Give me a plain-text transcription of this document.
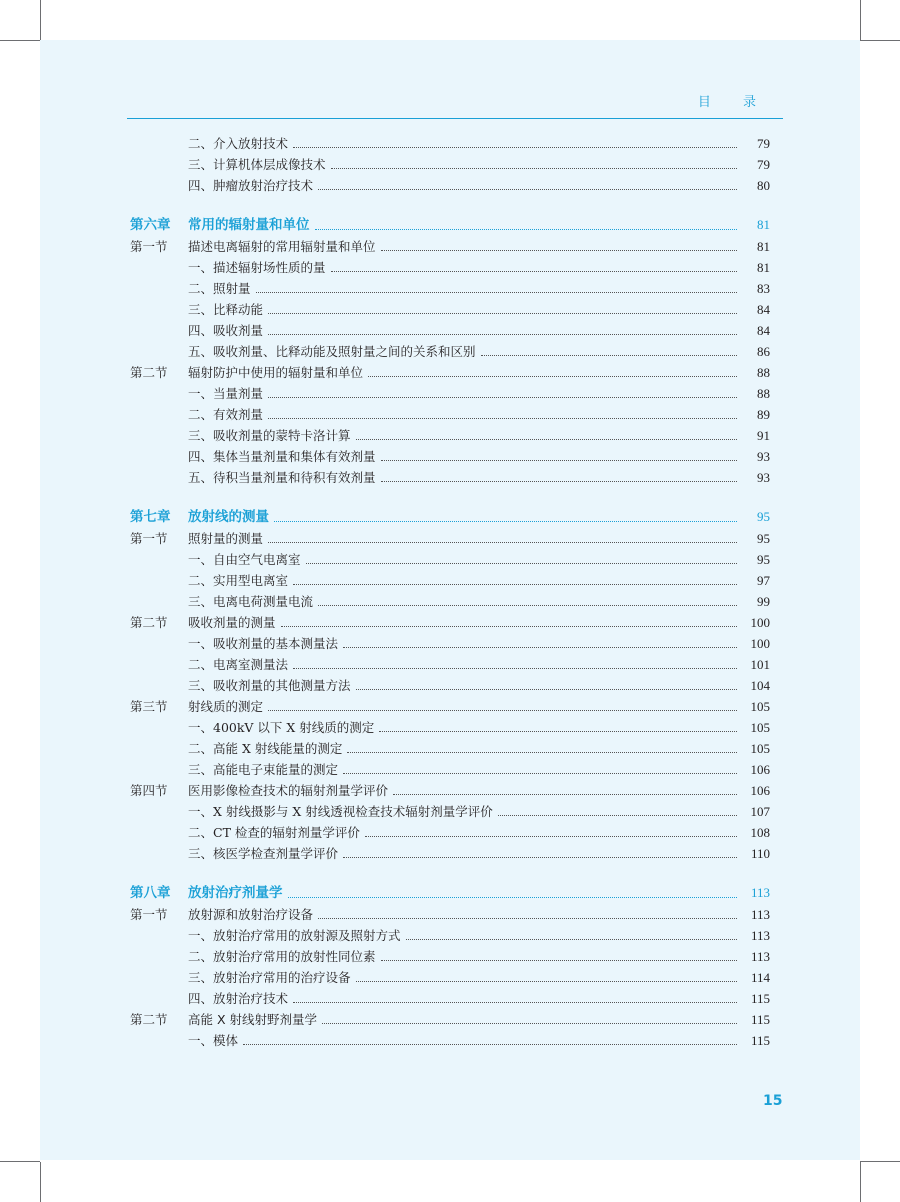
目 录
二、介入放射技术	79
三、计算机体层成像技术	79
四、肿瘤放射治疗技术	80
第六章 常用的辐射量和单位	81
第一节 描述电离辐射的常用辐射量和单位	81
一、描述辐射场性质的量	81
二、照射量	83
三、比释动能	84
四、吸收剂量	84
五、吸收剂量、比释动能及照射量之间的关系和区别	86
第二节 辐射防护中使用的辐射量和单位	88
一、当量剂量	88
二、有效剂量	89
三、吸收剂量的蒙特卡洛计算	91
四、集体当量剂量和集体有效剂量	93
五、待积当量剂量和待积有效剂量	93
第七章 放射线的测量	95
第一节 照射量的测量	95
一、自由空气电离室	95
二、实用型电离室	97
三、电离电荷测量电流	99
第二节 吸收剂量的测量	100
一、吸收剂量的基本测量法	100
二、电离室测量法	101
三、吸收剂量的其他测量方法	104
第三节 射线质的测定	105
一、400kV 以下 X 射线质的测定	105
二、高能 X 射线能量的测定	105
三、高能电子束能量的测定	106
第四节 医用影像检查技术的辐射剂量学评价	106
一、X 射线摄影与 X 射线透视检查技术辐射剂量学评价	107
二、CT 检查的辐射剂量学评价	108
三、核医学检查剂量学评价	110
第八章 放射治疗剂量学	113
第一节 放射源和放射治疗设备	113
一、放射治疗常用的放射源及照射方式	113
二、放射治疗常用的放射性同位素	113
三、放射治疗常用的治疗设备	114
四、放射治疗技术	115
第二节 高能 X 射线射野剂量学	115
一、模体	115
15
